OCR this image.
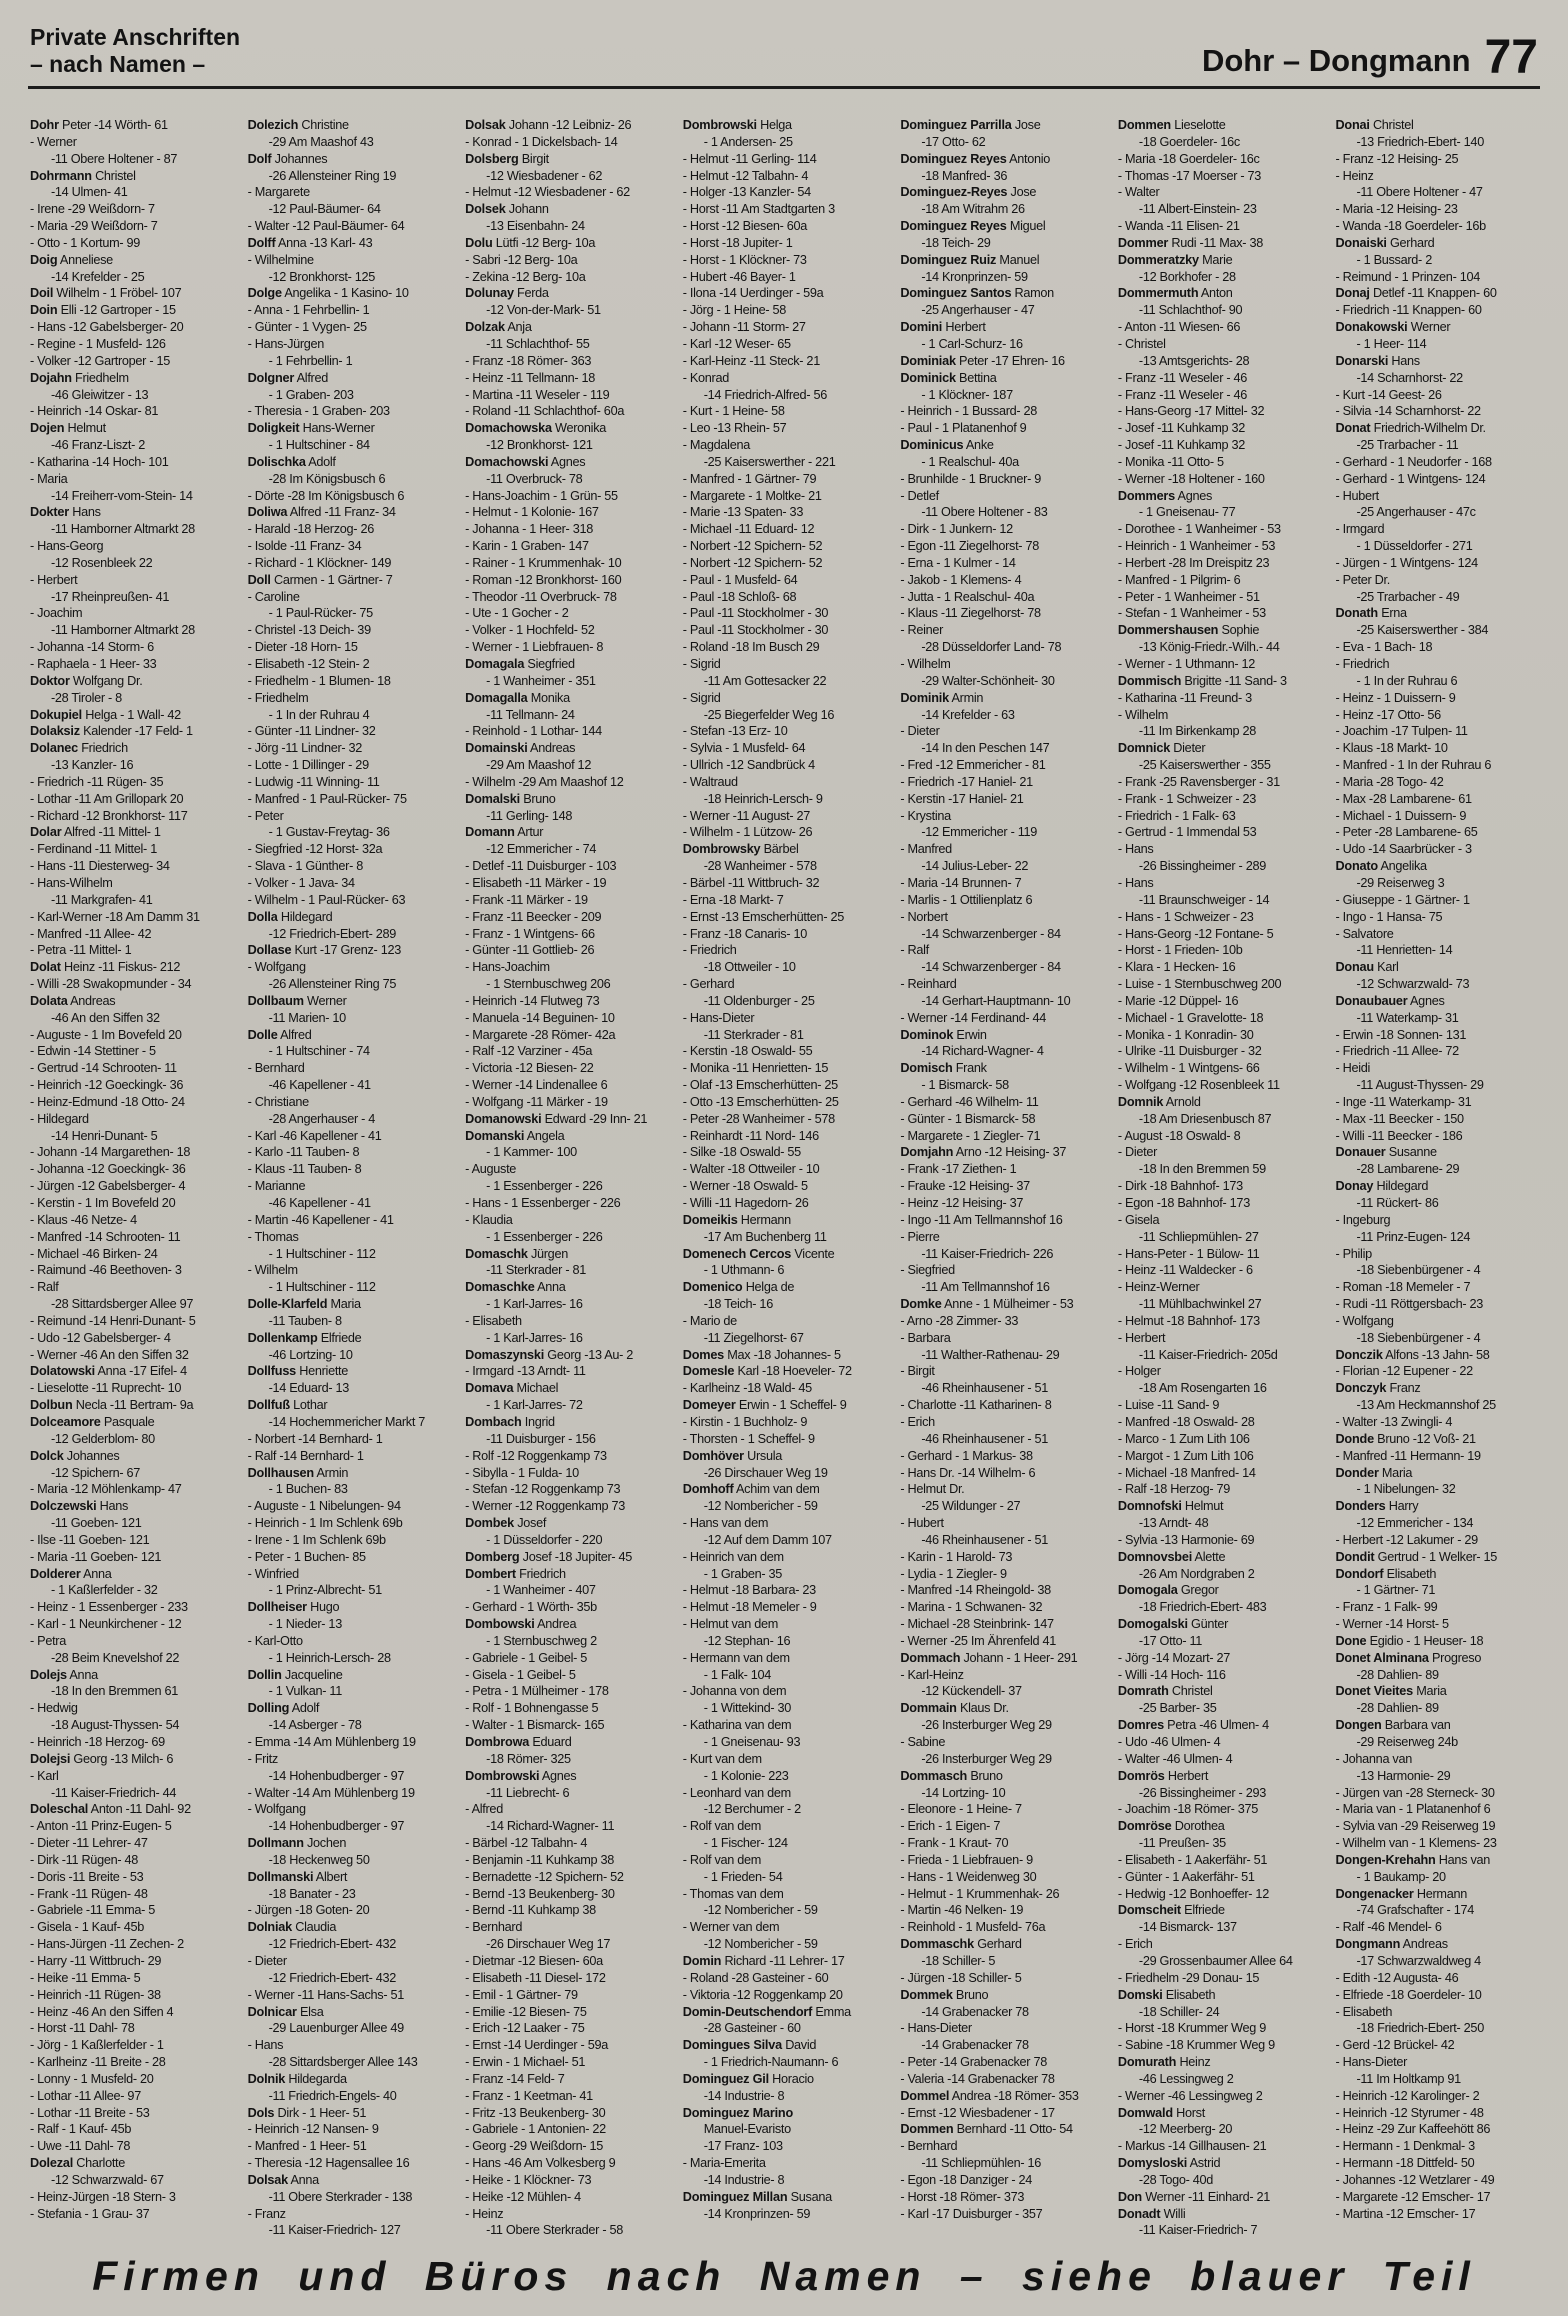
Private Anschriften
– nach Namen –	Dohr – Dongmann 77
Dohr Peter -14 Wörth- 61
- Werner
-11 Obere Holtener - 87
Dohrmann Christel
-14 Ulmen- 41
- Irene -29 Weißdorn- 7
- Maria -29 Weißdorn- 7
- Otto - 1 Kortum- 99
Doig Anneliese
-14 Krefelder - 25
Doil Wilhelm - 1 Fröbel- 107
Doin Elli -12 Gartroper - 15
- Hans -12 Gabelsberger- 20
- Regine - 1 Musfeld- 126
- Volker -12 Gartroper - 15
Dojahn Friedhelm
-46 Gleiwitzer - 13
- Heinrich -14 Oskar- 81
Dojen Helmut
-46 Franz-Liszt- 2
- Katharina -14 Hoch- 101
- Maria
-14 Freiherr-vom-Stein- 14
Dokter Hans
-11 Hamborner Altmarkt 28
- Hans-Georg
-12 Rosenbleek 22
- Herbert
-17 Rheinpreußen- 41
- Joachim
-11 Hamborner Altmarkt 28
- Johanna -14 Storm- 6
- Raphaela - 1 Heer- 33
Doktor Wolfgang Dr.
-28 Tiroler - 8
Dokupiel Helga - 1 Wall- 42
Dolaksiz Kalender -17 Feld- 1
Dolanec Friedrich
-13 Kanzler- 16
- Friedrich -11 Rügen- 35
- Lothar -11 Am Grillopark 20
- Richard -12 Bronkhorst- 117
Dolar Alfred -11 Mittel- 1
- Ferdinand -11 Mittel- 1
- Hans -11 Diesterweg- 34
- Hans-Wilhelm
-11 Markgrafen- 41
- Karl-Werner -18 Am Damm 31
- Manfred -11 Allee- 42
- Petra -11 Mittel- 1
Dolat Heinz -11 Fiskus- 212
- Willi -28 Swakopmunder - 34
Dolata Andreas
-46 An den Siffen 32
- Auguste - 1 Im Bovefeld 20
- Edwin -14 Stettiner - 5
- Gertrud -14 Schrooten- 11
- Heinrich -12 Goeckingk- 36
- Heinz-Edmund -18 Otto- 24
- Hildegard
-14 Henri-Dunant- 5
- Johann -14 Margarethen- 18
- Johanna -12 Goeckingk- 36
- Jürgen -12 Gabelsberger- 4
- Kerstin - 1 Im Bovefeld 20
- Klaus -46 Netze- 4
- Manfred -14 Schrooten- 11
- Michael -46 Birken- 24
- Raimund -46 Beethoven- 3
- Ralf
-28 Sittardsberger Allee 97
- Reimund -14 Henri-Dunant- 5
- Udo -12 Gabelsberger- 4
- Werner -46 An den Siffen 32
Dolatowski Anna -17 Eifel- 4
- Lieselotte -11 Ruprecht- 10
Dolbun Necla -11 Bertram- 9a
Dolceamore Pasquale
-12 Gelderblom- 80
Dolck Johannes
-12 Spichern- 67
- Maria -12 Möhlenkamp- 47
Dolczewski Hans
-11 Goeben- 121
- Ilse -11 Goeben- 121
- Maria -11 Goeben- 121
Dolderer Anna
- 1 Kaßlerfelder - 32
- Heinz - 1 Essenberger - 233
- Karl - 1 Neunkirchener - 12
- Petra
-28 Beim Knevelshof 22
Dolejs Anna
-18 In den Bremmen 61
- Hedwig
-18 August-Thyssen- 54
- Heinrich -18 Herzog- 69
Dolejsi Georg -13 Milch- 6
- Karl
-11 Kaiser-Friedrich- 44
Doleschal Anton -11 Dahl- 92
- Anton -11 Prinz-Eugen- 5
- Dieter -11 Lehrer- 47
- Dirk -11 Rügen- 48
- Doris -11 Breite - 53
- Frank -11 Rügen- 48
- Gabriele -11 Emma- 5
- Gisela - 1 Kauf- 45b
- Hans-Jürgen -11 Zechen- 2
- Harry -11 Wittbruch- 29
- Heike -11 Emma- 5
- Heinrich -11 Rügen- 38
- Heinz -46 An den Siffen 4
- Horst -11 Dahl- 78
- Jörg - 1 Kaßlerfelder - 1
- Karlheinz -11 Breite - 28
- Lonny - 1 Musfeld- 20
- Lothar -11 Allee- 97
- Lothar -11 Breite - 53
- Ralf - 1 Kauf- 45b
- Uwe -11 Dahl- 78
Dolezal Charlotte
-12 Schwarzwald- 67
- Heinz-Jürgen -18 Stern- 3
- Stefania - 1 Grau- 37
Dolezich Christine
-29 Am Maashof 43
Dolf Johannes
-26 Allensteiner Ring 19
- Margarete
-12 Paul-Bäumer- 64
- Walter -12 Paul-Bäumer- 64
Dolff Anna -13 Karl- 43
- Wilhelmine
-12 Bronkhorst- 125
Dolge Angelika - 1 Kasino- 10
- Anna - 1 Fehrbellin- 1
- Günter - 1 Vygen- 25
- Hans-Jürgen
- 1 Fehrbellin- 1
Dolgner Alfred
- 1 Graben- 203
- Theresia - 1 Graben- 203
Doligkeit Hans-Werner
- 1 Hultschiner - 84
Dolischka Adolf
-28 Im Königsbusch 6
- Dörte -28 Im Königsbusch 6
Doliwa Alfred -11 Franz- 34
- Harald -18 Herzog- 26
- Isolde -11 Franz- 34
- Richard - 1 Klöckner- 149
Doll Carmen - 1 Gärtner- 7
- Caroline
- 1 Paul-Rücker- 75
- Christel -13 Deich- 39
- Dieter -18 Horn- 15
- Elisabeth -12 Stein- 2
- Friedhelm - 1 Blumen- 18
- Friedhelm
- 1 In der Ruhrau 4
- Günter -11 Lindner- 32
- Jörg -11 Lindner- 32
- Lotte - 1 Dillinger - 29
- Ludwig -11 Winning- 11
- Manfred - 1 Paul-Rücker- 75
- Peter
- 1 Gustav-Freytag- 36
- Siegfried -12 Horst- 32a
- Slava - 1 Günther- 8
- Volker - 1 Java- 34
- Wilhelm - 1 Paul-Rücker- 63
Dolla Hildegard
-12 Friedrich-Ebert- 289
Dollase Kurt -17 Grenz- 123
- Wolfgang
-26 Allensteiner Ring 75
Dollbaum Werner
-11 Marien- 10
Dolle Alfred
- 1 Hultschiner - 74
- Bernhard
-46 Kapellener - 41
- Christiane
-28 Angerhauser - 4
- Karl -46 Kapellener - 41
- Karlo -11 Tauben- 8
- Klaus -11 Tauben- 8
- Marianne
-46 Kapellener - 41
- Martin -46 Kapellener - 41
- Thomas
- 1 Hultschiner - 112
- Wilhelm
- 1 Hultschiner - 112
Dolle-Klarfeld Maria
-11 Tauben- 8
Dollenkamp Elfriede
-46 Lortzing- 10
Dollfuss Henriette
-14 Eduard- 13
Dollfuß Lothar
-14 Hochemmericher Markt 7
- Norbert -14 Bernhard- 1
- Ralf -14 Bernhard- 1
Dollhausen Armin
- 1 Buchen- 83
- Auguste - 1 Nibelungen- 94
- Heinrich - 1 Im Schlenk 69b
- Irene - 1 Im Schlenk 69b
- Peter - 1 Buchen- 85
- Winfried
- 1 Prinz-Albrecht- 51
Dollheiser Hugo
- 1 Nieder- 13
- Karl-Otto
- 1 Heinrich-Lersch- 28
Dollin Jacqueline
- 1 Vulkan- 11
Dolling Adolf
-14 Asberger - 78
- Emma -14 Am Mühlenberg 19
- Fritz
-14 Hohenbudberger - 97
- Walter -14 Am Mühlenberg 19
- Wolfgang
-14 Hohenbudberger - 97
Dollmann Jochen
-18 Heckenweg 50
Dollmanski Albert
-18 Banater - 23
- Jürgen -18 Goten- 20
Dolniak Claudia
-12 Friedrich-Ebert- 432
- Dieter
-12 Friedrich-Ebert- 432
- Werner -11 Hans-Sachs- 51
Dolnicar Elsa
-29 Lauenburger Allee 49
- Hans
-28 Sittardsberger Allee 143
Dolnik Hildegarda
-11 Friedrich-Engels- 40
Dols Dirk - 1 Heer- 51
- Heinrich -12 Nansen- 9
- Manfred - 1 Heer- 51
- Theresia -12 Hagensallee 16
Dolsak Anna
-11 Obere Sterkrader - 138
- Franz
-11 Kaiser-Friedrich- 127
Dolsak Johann -12 Leibniz- 26
- Konrad - 1 Dickelsbach- 14
Dolsberg Birgit
-12 Wiesbadener - 62
- Helmut -12 Wiesbadener - 62
Dolsek Johann
-13 Eisenbahn- 24
Dolu Lütfi -12 Berg- 10a
- Sabri -12 Berg- 10a
- Zekina -12 Berg- 10a
Dolunay Ferda
-12 Von-der-Mark- 51
Dolzak Anja
-11 Schlachthof- 55
- Franz -18 Römer- 363
- Heinz -11 Tellmann- 18
- Martina -11 Weseler - 119
- Roland -11 Schlachthof- 60a
Domachowska Weronika
-12 Bronkhorst- 121
Domachowski Agnes
-11 Overbruck- 78
- Hans-Joachim - 1 Grün- 55
- Helmut - 1 Kolonie- 167
- Johanna - 1 Heer- 318
- Karin - 1 Graben- 147
- Rainer - 1 Krummenhak- 10
- Roman -12 Bronkhorst- 160
- Theodor -11 Overbruck- 78
- Ute - 1 Gocher - 2
- Volker - 1 Hochfeld- 52
- Werner - 1 Liebfrauen- 8
Domagala Siegfried
- 1 Wanheimer - 351
Domagalla Monika
-11 Tellmann- 24
- Reinhold - 1 Lothar- 144
Domainski Andreas
-29 Am Maashof 12
- Wilhelm -29 Am Maashof 12
Domalski Bruno
-11 Gerling- 148
Domann Artur
-12 Emmericher - 74
- Detlef -11 Duisburger - 103
- Elisabeth -11 Märker - 19
- Frank -11 Märker - 19
- Franz -11 Beecker - 209
- Franz - 1 Wintgens- 66
- Günter -11 Gottlieb- 26
- Hans-Joachim
- 1 Sternbuschweg 206
- Heinrich -14 Flutweg 73
- Manuela -14 Beguinen- 10
- Margarete -28 Römer- 42a
- Ralf -12 Varziner - 45a
- Victoria -12 Biesen- 22
- Werner -14 Lindenallee 6
- Wolfgang -11 Märker - 19
Domanowski Edward -29 Inn- 21
Domanski Angela
- 1 Kammer- 100
- Auguste
- 1 Essenberger - 226
- Hans - 1 Essenberger - 226
- Klaudia
- 1 Essenberger - 226
Domaschk Jürgen
-11 Sterkrader - 81
Domaschke Anna
- 1 Karl-Jarres- 16
- Elisabeth
- 1 Karl-Jarres- 16
Domaszynski Georg -13 Au- 2
- Irmgard -13 Arndt- 11
Domava Michael
- 1 Karl-Jarres- 72
Dombach Ingrid
-11 Duisburger - 156
- Rolf -12 Roggenkamp 73
- Sibylla - 1 Fulda- 10
- Stefan -12 Roggenkamp 73
- Werner -12 Roggenkamp 73
Dombek Josef
- 1 Düsseldorfer - 220
Domberg Josef -18 Jupiter- 45
Dombert Friedrich
- 1 Wanheimer - 407
- Gerhard - 1 Wörth- 35b
Dombowski Andrea
- 1 Sternbuschweg 2
- Gabriele - 1 Geibel- 5
- Gisela - 1 Geibel- 5
- Petra - 1 Mülheimer - 178
- Rolf - 1 Bohnengasse 5
- Walter - 1 Bismarck- 165
Dombrowa Eduard
-18 Römer- 325
Dombrowski Agnes
-11 Liebrecht- 6
- Alfred
-14 Richard-Wagner- 11
- Bärbel -12 Talbahn- 4
- Benjamin -11 Kuhkamp 38
- Bernadette -12 Spichern- 52
- Bernd -13 Beukenberg- 30
- Bernd -11 Kuhkamp 38
- Bernhard
-26 Dirschauer Weg 17
- Dietmar -12 Biesen- 60a
- Elisabeth -11 Diesel- 172
- Emil - 1 Gärtner- 79
- Emilie -12 Biesen- 75
- Erich -12 Laaker - 75
- Ernst -14 Uerdinger - 59a
- Erwin - 1 Michael- 51
- Franz -14 Feld- 7
- Franz - 1 Keetman- 41
- Fritz -13 Beukenberg- 30
- Gabriele - 1 Antonien- 22
- Georg -29 Weißdorn- 15
- Hans -46 Am Volkesberg 9
- Heike - 1 Klöckner- 73
- Heike -12 Mühlen- 4
- Heinz
-11 Obere Sterkrader - 58
Dombrowski Helga
- 1 Andersen- 25
- Helmut -11 Gerling- 114
- Helmut -12 Talbahn- 4
- Holger -13 Kanzler- 54
- Horst -11 Am Stadtgarten 3
- Horst -12 Biesen- 60a
- Horst -18 Jupiter- 1
- Horst - 1 Klöckner- 73
- Hubert -46 Bayer- 1
- Ilona -14 Uerdinger - 59a
- Jörg - 1 Heine- 58
- Johann -11 Storm- 27
- Karl -12 Weser- 65
- Karl-Heinz -11 Steck- 21
- Konrad
-14 Friedrich-Alfred- 56
- Kurt - 1 Heine- 58
- Leo -13 Rhein- 57
- Magdalena
-25 Kaiserswerther - 221
- Manfred - 1 Gärtner- 79
- Margarete - 1 Moltke- 21
- Marie -13 Spaten- 33
- Michael -11 Eduard- 12
- Norbert -12 Spichern- 52
- Norbert -12 Spichern- 52
- Paul - 1 Musfeld- 64
- Paul -18 Schloß- 68
- Paul -11 Stockholmer - 30
- Paul -11 Stockholmer - 30
- Roland -18 Im Busch 29
- Sigrid
-11 Am Gottesacker 22
- Sigrid
-25 Biegerfelder Weg 16
- Stefan -13 Erz- 10
- Sylvia - 1 Musfeld- 64
- Ullrich -12 Sandbrück 4
- Waltraud
-18 Heinrich-Lersch- 9
- Werner -11 August- 27
- Wilhelm - 1 Lützow- 26
Dombrowsky Bärbel
-28 Wanheimer - 578
- Bärbel -11 Wittbruch- 32
- Erna -18 Markt- 7
- Ernst -13 Emscherhütten- 25
- Franz -18 Canaris- 10
- Friedrich
-18 Ottweiler - 10
- Gerhard
-11 Oldenburger - 25
- Hans-Dieter
-11 Sterkrader - 81
- Kerstin -18 Oswald- 55
- Monika -11 Henrietten- 15
- Olaf -13 Emscherhütten- 25
- Otto -13 Emscherhütten- 25
- Peter -28 Wanheimer - 578
- Reinhardt -11 Nord- 146
- Silke -18 Oswald- 55
- Walter -18 Ottweiler - 10
- Werner -18 Oswald- 5
- Willi -11 Hagedorn- 26
Domeikis Hermann
-17 Am Buchenberg 11
Domenech Cercos Vicente
- 1 Uthmann- 6
Domenico Helga de
-18 Teich- 16
- Mario de
-11 Ziegelhorst- 67
Domes Max -18 Johannes- 5
Domesle Karl -18 Hoeveler- 72
- Karlheinz -18 Wald- 45
Domeyer Erwin - 1 Scheffel- 9
- Kirstin - 1 Buchholz- 9
- Thorsten - 1 Scheffel- 9
Domhöver Ursula
-26 Dirschauer Weg 19
Domhoff Achim van dem
-12 Nombericher - 59
- Hans van dem
-12 Auf dem Damm 107
- Heinrich van dem
- 1 Graben- 35
- Helmut -18 Barbara- 23
- Helmut -18 Memeler - 9
- Helmut van dem
-12 Stephan- 16
- Hermann van dem
- 1 Falk- 104
- Johanna von dem
- 1 Wittekind- 30
- Katharina van dem
- 1 Gneisenau- 93
- Kurt van dem
- 1 Kolonie- 223
- Leonhard van dem
-12 Berchumer - 2
- Rolf van dem
- 1 Fischer- 124
- Rolf van dem
- 1 Frieden- 54
- Thomas van dem
-12 Nombericher - 59
- Werner van dem
-12 Nombericher - 59
Domin Richard -11 Lehrer- 17
- Roland -28 Gasteiner - 60
- Viktoria -12 Roggenkamp 20
Domin-Deutschendorf Emma
-28 Gasteiner - 60
Domingues Silva David
- 1 Friedrich-Naumann- 6
Dominguez Gil Horacio
-14 Industrie- 8
Dominguez Marino
Manuel-Evaristo
-17 Franz- 103
- Maria-Emerita
-14 Industrie- 8
Dominguez Millan Susana
-14 Kronprinzen- 59
Dominguez Parrilla Jose
-17 Otto- 62
Dominguez Reyes Antonio
-18 Manfred- 36
Dominguez-Reyes Jose
-18 Am Witrahm 26
Dominguez Reyes Miguel
-18 Teich- 29
Dominguez Ruiz Manuel
-14 Kronprinzen- 59
Dominguez Santos Ramon
-25 Angerhauser - 47
Domini Herbert
- 1 Carl-Schurz- 16
Dominiak Peter -17 Ehren- 16
Dominick Bettina
- 1 Klöckner- 187
- Heinrich - 1 Bussard- 28
- Paul - 1 Platanenhof 9
Dominicus Anke
- 1 Realschul- 40a
- Brunhilde - 1 Bruckner- 9
- Detlef
-11 Obere Holtener - 83
- Dirk - 1 Junkern- 12
- Egon -11 Ziegelhorst- 78
- Erna - 1 Kulmer - 14
- Jakob - 1 Klemens- 4
- Jutta - 1 Realschul- 40a
- Klaus -11 Ziegelhorst- 78
- Reiner
-28 Düsseldorfer Land- 78
- Wilhelm
-29 Walter-Schönheit- 30
Dominik Armin
-14 Krefelder - 63
- Dieter
-14 In den Peschen 147
- Fred -12 Emmericher - 81
- Friedrich -17 Haniel- 21
- Kerstin -17 Haniel- 21
- Krystina
-12 Emmericher - 119
- Manfred
-14 Julius-Leber- 22
- Maria -14 Brunnen- 7
- Marlis - 1 Ottilienplatz 6
- Norbert
-14 Schwarzenberger - 84
- Ralf
-14 Schwarzenberger - 84
- Reinhard
-14 Gerhart-Hauptmann- 10
- Werner -14 Ferdinand- 44
Dominok Erwin
-14 Richard-Wagner- 4
Domisch Frank
- 1 Bismarck- 58
- Gerhard -46 Wilhelm- 11
- Günter - 1 Bismarck- 58
- Margarete - 1 Ziegler- 71
Domjahn Arno -12 Heising- 37
- Frank -17 Ziethen- 1
- Frauke -12 Heising- 37
- Heinz -12 Heising- 37
- Ingo -11 Am Tellmannshof 16
- Pierre
-11 Kaiser-Friedrich- 226
- Siegfried
-11 Am Tellmannshof 16
Domke Anne - 1 Mülheimer - 53
- Arno -28 Zimmer- 33
- Barbara
-11 Walther-Rathenau- 29
- Birgit
-46 Rheinhausener - 51
- Charlotte -11 Katharinen- 8
- Erich
-46 Rheinhausener - 51
- Gerhard - 1 Markus- 38
- Hans Dr. -14 Wilhelm- 6
- Helmut Dr.
-25 Wildunger - 27
- Hubert
-46 Rheinhausener - 51
- Karin - 1 Harold- 73
- Lydia - 1 Ziegler- 9
- Manfred -14 Rheingold- 38
- Marina - 1 Schwanen- 32
- Michael -28 Steinbrink- 147
- Werner -25 Im Ährenfeld 41
Dommach Johann - 1 Heer- 291
- Karl-Heinz
-12 Kückendell- 37
Dommain Klaus Dr.
-26 Insterburger Weg 29
- Sabine
-26 Insterburger Weg 29
Dommasch Bruno
-14 Lortzing- 10
- Eleonore - 1 Heine- 7
- Erich - 1 Eigen- 7
- Frank - 1 Kraut- 70
- Frieda - 1 Liebfrauen- 9
- Hans - 1 Weidenweg 30
- Helmut - 1 Krummenhak- 26
- Martin -46 Nelken- 19
- Reinhold - 1 Musfeld- 76a
Dommaschk Gerhard
-18 Schiller- 5
- Jürgen -18 Schiller- 5
Dommek Bruno
-14 Grabenacker 78
- Hans-Dieter
-14 Grabenacker 78
- Peter -14 Grabenacker 78
- Valeria -14 Grabenacker 78
Dommel Andrea -18 Römer- 353
- Ernst -12 Wiesbadener - 17
Dommen Bernhard -11 Otto- 54
- Bernhard
-11 Schliepmühlen- 16
- Egon -18 Danziger - 24
- Horst -18 Römer- 373
- Karl -17 Duisburger - 357
Dommen Lieselotte
-18 Goerdeler- 16c
- Maria -18 Goerdeler- 16c
- Thomas -17 Moerser - 73
- Walter
-11 Albert-Einstein- 23
- Wanda -11 Elisen- 21
Dommer Rudi -11 Max- 38
Dommeratzky Marie
-12 Borkhofer - 28
Dommermuth Anton
-11 Schlachthof- 90
- Anton -11 Wiesen- 66
- Christel
-13 Amtsgerichts- 28
- Franz -11 Weseler - 46
- Franz -11 Weseler - 46
- Hans-Georg -17 Mittel- 32
- Josef -11 Kuhkamp 32
- Josef -11 Kuhkamp 32
- Monika -11 Otto- 5
- Werner -18 Holtener - 160
Dommers Agnes
- 1 Gneisenau- 77
- Dorothee - 1 Wanheimer - 53
- Heinrich - 1 Wanheimer - 53
- Herbert -28 Im Dreispitz 23
- Manfred - 1 Pilgrim- 6
- Peter - 1 Wanheimer - 51
- Stefan - 1 Wanheimer - 53
Dommershausen Sophie
-13 König-Friedr.-Wilh.- 44
- Werner - 1 Uthmann- 12
Dommisch Brigitte -11 Sand- 3
- Katharina -11 Freund- 3
- Wilhelm
-11 Im Birkenkamp 28
Domnick Dieter
-25 Kaiserswerther - 355
- Frank -25 Ravensberger - 31
- Frank - 1 Schweizer - 23
- Friedrich - 1 Falk- 63
- Gertrud - 1 Immendal 53
- Hans
-26 Bissingheimer - 289
- Hans
-11 Braunschweiger - 14
- Hans - 1 Schweizer - 23
- Hans-Georg -12 Fontane- 5
- Horst - 1 Frieden- 10b
- Klara - 1 Hecken- 16
- Luise - 1 Sternbuschweg 200
- Marie -12 Düppel- 16
- Michael - 1 Gravelotte- 18
- Monika - 1 Konradin- 30
- Ulrike -11 Duisburger - 32
- Wilhelm - 1 Wintgens- 66
- Wolfgang -12 Rosenbleek 11
Domnik Arnold
-18 Am Driesenbusch 87
- August -18 Oswald- 8
- Dieter
-18 In den Bremmen 59
- Dirk -18 Bahnhof- 173
- Egon -18 Bahnhof- 173
- Gisela
-11 Schliepmühlen- 27
- Hans-Peter - 1 Bülow- 11
- Heinz -11 Waldecker - 6
- Heinz-Werner
-11 Mühlbachwinkel 27
- Helmut -18 Bahnhof- 173
- Herbert
-11 Kaiser-Friedrich- 205d
- Holger
-18 Am Rosengarten 16
- Luise -11 Sand- 9
- Manfred -18 Oswald- 28
- Marco - 1 Zum Lith 106
- Margot - 1 Zum Lith 106
- Michael -18 Manfred- 14
- Ralf -18 Herzog- 79
Domnofski Helmut
-13 Arndt- 48
- Sylvia -13 Harmonie- 69
Domnovsbei Alette
-26 Am Nordgraben 2
Domogala Gregor
-18 Friedrich-Ebert- 483
Domogalski Günter
-17 Otto- 11
- Jörg -14 Mozart- 27
- Willi -14 Hoch- 116
Domrath Christel
-25 Barber- 35
Domres Petra -46 Ulmen- 4
- Udo -46 Ulmen- 4
- Walter -46 Ulmen- 4
Domrös Herbert
-26 Bissingheimer - 293
- Joachim -18 Römer- 375
Domröse Dorothea
-11 Preußen- 35
- Elisabeth - 1 Aakerfähr- 51
- Günter - 1 Aakerfähr- 51
- Hedwig -12 Bonhoeffer- 12
Domscheit Elfriede
-14 Bismarck- 137
- Erich
-29 Grossenbaumer Allee 64
- Friedhelm -29 Donau- 15
Domski Elisabeth
-18 Schiller- 24
- Horst -18 Krummer Weg 9
- Sabine -18 Krummer Weg 9
Domurath Heinz
-46 Lessingweg 2
- Werner -46 Lessingweg 2
Domwald Horst
-12 Meerberg- 20
- Markus -14 Gillhausen- 21
Domysloski Astrid
-28 Togo- 40d
Don Werner -11 Einhard- 21
Donadt Willi
-11 Kaiser-Friedrich- 7
Donai Christel
-13 Friedrich-Ebert- 140
- Franz -12 Heising- 25
- Heinz
-11 Obere Holtener - 47
- Maria -12 Heising- 23
- Wanda -18 Goerdeler- 16b
Donaiski Gerhard
- 1 Bussard- 2
- Reimund - 1 Prinzen- 104
Donaj Detlef -11 Knappen- 60
- Friedrich -11 Knappen- 60
Donakowski Werner
- 1 Heer- 114
Donarski Hans
-14 Scharnhorst- 22
- Kurt -14 Geest- 26
- Silvia -14 Scharnhorst- 22
Donat Friedrich-Wilhelm Dr.
-25 Trarbacher - 11
- Gerhard - 1 Neudorfer - 168
- Gerhard - 1 Wintgens- 124
- Hubert
-25 Angerhauser - 47c
- Irmgard
- 1 Düsseldorfer - 271
- Jürgen - 1 Wintgens- 124
- Peter Dr.
-25 Trarbacher - 49
Donath Erna
-25 Kaiserswerther - 384
- Eva - 1 Bach- 18
- Friedrich
- 1 In der Ruhrau 6
- Heinz - 1 Duissern- 9
- Heinz -17 Otto- 56
- Joachim -17 Tulpen- 11
- Klaus -18 Markt- 10
- Manfred - 1 In der Ruhrau 6
- Maria -28 Togo- 42
- Max -28 Lambarene- 61
- Michael - 1 Duissern- 9
- Peter -28 Lambarene- 65
- Udo -14 Saarbrücker - 3
Donato Angelika
-29 Reiserweg 3
- Giuseppe - 1 Gärtner- 1
- Ingo - 1 Hansa- 75
- Salvatore
-11 Henrietten- 14
Donau Karl
-12 Schwarzwald- 73
Donaubauer Agnes
-11 Waterkamp- 31
- Erwin -18 Sonnen- 131
- Friedrich -11 Allee- 72
- Heidi
-11 August-Thyssen- 29
- Inge -11 Waterkamp- 31
- Max -11 Beecker - 150
- Willi -11 Beecker - 186
Donauer Susanne
-28 Lambarene- 29
Donay Hildegard
-11 Rückert- 86
- Ingeburg
-11 Prinz-Eugen- 124
- Philip
-18 Siebenbürgener - 4
- Roman -18 Memeler - 7
- Rudi -11 Röttgersbach- 23
- Wolfgang
-18 Siebenbürgener - 4
Donczik Alfons -13 Jahn- 58
- Florian -12 Eupener - 22
Donczyk Franz
-13 Am Heckmannshof 25
- Walter -13 Zwingli- 4
Donde Bruno -12 Voß- 21
- Manfred -11 Hermann- 19
Donder Maria
- 1 Nibelungen- 32
Donders Harry
-12 Emmericher - 134
- Herbert -12 Lakumer - 29
Dondit Gertrud - 1 Welker- 15
Dondorf Elisabeth
- 1 Gärtner- 71
- Franz - 1 Falk- 99
- Werner -14 Horst- 5
Done Egidio - 1 Heuser- 18
Donet Alminana Progreso
-28 Dahlien- 89
Donet Vieites Maria
-28 Dahlien- 89
Dongen Barbara van
-29 Reiserweg 24b
- Johanna van
-13 Harmonie- 29
- Jürgen van -28 Sterneck- 30
- Maria van - 1 Platanenhof 6
- Sylvia van -29 Reiserweg 19
- Wilhelm van - 1 Klemens- 23
Dongen-Krehahn Hans van
- 1 Baukamp- 20
Dongenacker Hermann
-74 Grafschafter - 174
- Ralf -46 Mendel- 6
Dongmann Andreas
-17 Schwarzwaldweg 4
- Edith -12 Augusta- 46
- Elfriede -18 Goerdeler- 10
- Elisabeth
-18 Friedrich-Ebert- 250
- Gerd -12 Brückel- 42
- Hans-Dieter
-11 Im Holtkamp 91
- Heinrich -12 Karolinger- 2
- Heinrich -12 Styrumer - 48
- Heinz -29 Zur Kaffeehött 86
- Hermann - 1 Denkmal- 3
- Hermann -18 Dittfeld- 50
- Johannes -12 Wetzlarer - 49
- Margarete -12 Emscher- 17
- Martina -12 Emscher- 17
Firmen und Büros nach Namen – siehe blauer Teil
